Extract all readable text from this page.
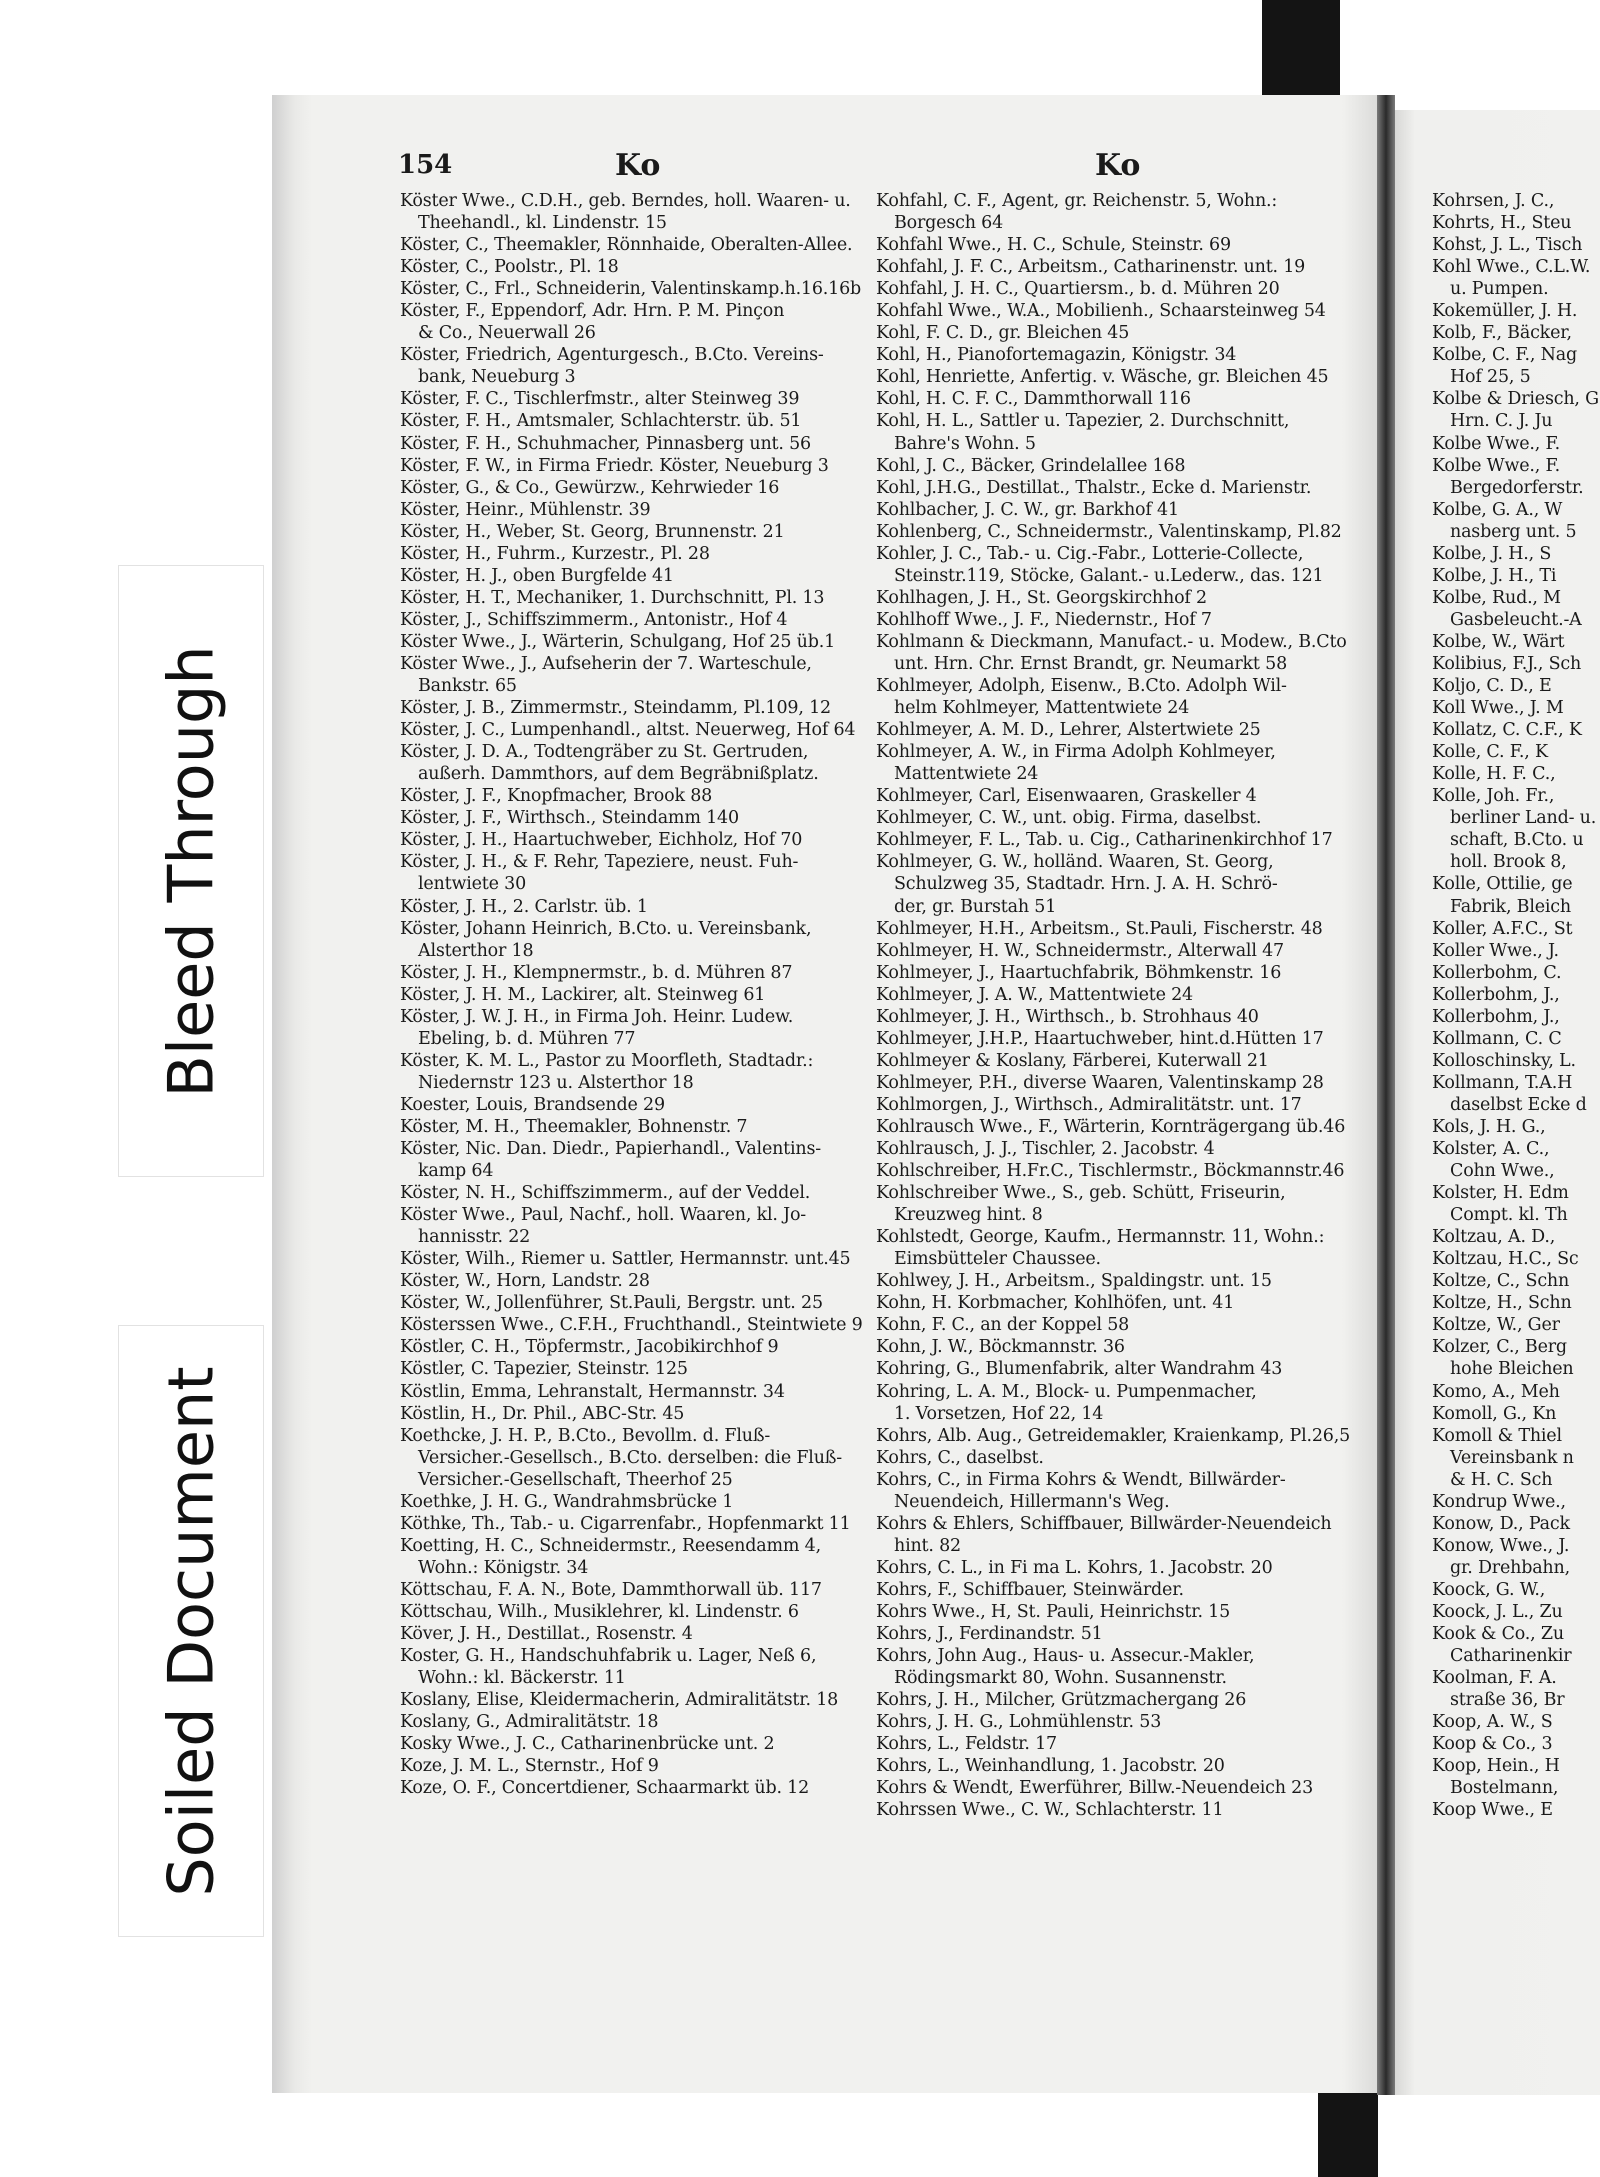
154	Ko	Ko
Köster Wwe., C.D.H., geb. Berndes, holl. Waaren- u.
Theehandl., kl. Lindenstr. 15
Köster, C., Theemakler, Rönnhaide, Oberalten-Allee.
Köster, C., Poolstr., Pl. 18
Köster, C., Frl., Schneiderin, Valentinskamp.h.16.16b
Köster, F., Eppendorf, Adr. Hrn. P. M. Pinçon
& Co., Neuerwall 26
Köster, Friedrich, Agenturgesch., B.Cto. Vereins-
bank, Neueburg 3
Köster, F. C., Tischlerfmstr., alter Steinweg 39
Köster, F. H., Amtsmaler, Schlachterstr. üb. 51
Köster, F. H., Schuhmacher, Pinnasberg unt. 56
Köster, F. W., in Firma Friedr. Köster, Neueburg 3
Köster, G., & Co., Gewürzw., Kehrwieder 16
Köster, Heinr., Mühlenstr. 39
Köster, H., Weber, St. Georg, Brunnenstr. 21
Köster, H., Fuhrm., Kurzestr., Pl. 28
Köster, H. J., oben Burgfelde 41
Köster, H. T., Mechaniker, 1. Durchschnitt, Pl. 13
Köster, J., Schiffszimmerm., Antonistr., Hof 4
Köster Wwe., J., Wärterin, Schulgang, Hof 25 üb.1
Köster Wwe., J., Aufseherin der 7. Warteschule,
Bankstr. 65
Köster, J. B., Zimmermstr., Steindamm, Pl.109, 12
Köster, J. C., Lumpenhandl., altst. Neuerweg, Hof 64
Köster, J. D. A., Todtengräber zu St. Gertruden,
außerh. Dammthors, auf dem Begräbnißplatz.
Köster, J. F., Knopfmacher, Brook 88
Köster, J. F., Wirthsch., Steindamm 140
Köster, J. H., Haartuchweber, Eichholz, Hof 70
Köster, J. H., & F. Rehr, Tapeziere, neust. Fuh-
lentwiete 30
Köster, J. H., 2. Carlstr. üb. 1
Köster, Johann Heinrich, B.Cto. u. Vereinsbank,
Alsterthor 18
Köster, J. H., Klempnermstr., b. d. Mühren 87
Köster, J. H. M., Lackirer, alt. Steinweg 61
Köster, J. W. J. H., in Firma Joh. Heinr. Ludew.
Ebeling, b. d. Mühren 77
Köster, K. M. L., Pastor zu Moorfleth, Stadtadr.:
Niedernstr 123 u. Alsterthor 18
Koester, Louis, Brandsende 29
Köster, M. H., Theemakler, Bohnenstr. 7
Köster, Nic. Dan. Diedr., Papierhandl., Valentins-
kamp 64
Köster, N. H., Schiffszimmerm., auf der Veddel.
Köster Wwe., Paul, Nachf., holl. Waaren, kl. Jo-
hannisstr. 22
Köster, Wilh., Riemer u. Sattler, Hermannstr. unt.45
Köster, W., Horn, Landstr. 28
Köster, W., Jollenführer, St.Pauli, Bergstr. unt. 25
Kösterssen Wwe., C.F.H., Fruchthandl., Steintwiete 9
Köstler, C. H., Töpfermstr., Jacobikirchhof 9
Köstler, C. Tapezier, Steinstr. 125
Köstlin, Emma, Lehranstalt, Hermannstr. 34
Köstlin, H., Dr. Phil., ABC-Str. 45
Koethcke, J. H. P., B.Cto., Bevollm. d. Fluß-
Versicher.-Gesellsch., B.Cto. derselben: die Fluß-
Versicher.-Gesellschaft, Theerhof 25
Koethke, J. H. G., Wandrahmsbrücke 1
Köthke, Th., Tab.- u. Cigarrenfabr., Hopfenmarkt 11
Koetting, H. C., Schneidermstr., Reesendamm 4,
Wohn.: Königstr. 34
Köttschau, F. A. N., Bote, Dammthorwall üb. 117
Köttschau, Wilh., Musiklehrer, kl. Lindenstr. 6
Köver, J. H., Destillat., Rosenstr. 4
Koster, G. H., Handschuhfabrik u. Lager, Neß 6,
Wohn.: kl. Bäckerstr. 11
Koslany, Elise, Kleidermacherin, Admiralitätstr. 18
Koslany, G., Admiralitätstr. 18
Kosky Wwe., J. C., Catharinenbrücke unt. 2
Koze, J. M. L., Sternstr., Hof 9
Koze, O. F., Concertdiener, Schaarmarkt üb. 12
Kohfahl, C. F., Agent, gr. Reichenstr. 5, Wohn.:
Borgesch 64
Kohfahl Wwe., H. C., Schule, Steinstr. 69
Kohfahl, J. F. C., Arbeitsm., Catharinenstr. unt. 19
Kohfahl, J. H. C., Quartiersm., b. d. Mühren 20
Kohfahl Wwe., W.A., Mobilienh., Schaarsteinweg 54
Kohl, F. C. D., gr. Bleichen 45
Kohl, H., Pianofortemagazin, Königstr. 34
Kohl, Henriette, Anfertig. v. Wäsche, gr. Bleichen 45
Kohl, H. C. F. C., Dammthorwall 116
Kohl, H. L., Sattler u. Tapezier, 2. Durchschnitt,
Bahre's Wohn. 5
Kohl, J. C., Bäcker, Grindelallee 168
Kohl, J.H.G., Destillat., Thalstr., Ecke d. Marienstr.
Kohlbacher, J. C. W., gr. Barkhof 41
Kohlenberg, C., Schneidermstr., Valentinskamp, Pl.82
Kohler, J. C., Tab.- u. Cig.-Fabr., Lotterie-Collecte,
Steinstr.119, Stöcke, Galant.- u.Lederw., das. 121
Kohlhagen, J. H., St. Georgskirchhof 2
Kohlhoff Wwe., J. F., Niedernstr., Hof 7
Kohlmann & Dieckmann, Manufact.- u. Modew., B.Cto
unt. Hrn. Chr. Ernst Brandt, gr. Neumarkt 58
Kohlmeyer, Adolph, Eisenw., B.Cto. Adolph Wil-
helm Kohlmeyer, Mattentwiete 24
Kohlmeyer, A. M. D., Lehrer, Alstertwiete 25
Kohlmeyer, A. W., in Firma Adolph Kohlmeyer,
Mattentwiete 24
Kohlmeyer, Carl, Eisenwaaren, Graskeller 4
Kohlmeyer, C. W., unt. obig. Firma, daselbst.
Kohlmeyer, F. L., Tab. u. Cig., Catharinenkirchhof 17
Kohlmeyer, G. W., holländ. Waaren, St. Georg,
Schulzweg 35, Stadtadr. Hrn. J. A. H. Schrö-
der, gr. Burstah 51
Kohlmeyer, H.H., Arbeitsm., St.Pauli, Fischerstr. 48
Kohlmeyer, H. W., Schneidermstr., Alterwall 47
Kohlmeyer, J., Haartuchfabrik, Böhmkenstr. 16
Kohlmeyer, J. A. W., Mattentwiete 24
Kohlmeyer, J. H., Wirthsch., b. Strohhaus 40
Kohlmeyer, J.H.P., Haartuchweber, hint.d.Hütten 17
Kohlmeyer & Koslany, Färberei, Kuterwall 21
Kohlmeyer, P.H., diverse Waaren, Valentinskamp 28
Kohlmorgen, J., Wirthsch., Admiralitätstr. unt. 17
Kohlrausch Wwe., F., Wärterin, Kornträgergang üb.46
Kohlrausch, J. J., Tischler, 2. Jacobstr. 4
Kohlschreiber, H.Fr.C., Tischlermstr., Böckmannstr.46
Kohlschreiber Wwe., S., geb. Schütt, Friseurin,
Kreuzweg hint. 8
Kohlstedt, George, Kaufm., Hermannstr. 11, Wohn.:
Eimsbütteler Chaussee.
Kohlwey, J. H., Arbeitsm., Spaldingstr. unt. 15
Kohn, H. Korbmacher, Kohlhöfen, unt. 41
Kohn, F. C., an der Koppel 58
Kohn, J. W., Böckmannstr. 36
Kohring, G., Blumenfabrik, alter Wandrahm 43
Kohring, L. A. M., Block- u. Pumpenmacher,
1. Vorsetzen, Hof 22, 14
Kohrs, Alb. Aug., Getreidemakler, Kraienkamp, Pl.26,5
Kohrs, C., daselbst.
Kohrs, C., in Firma Kohrs & Wendt, Billwärder-
Neuendeich, Hillermann's Weg.
Kohrs & Ehlers, Schiffbauer, Billwärder-Neuendeich
hint. 82
Kohrs, C. L., in Fi ma L. Kohrs, 1. Jacobstr. 20
Kohrs, F., Schiffbauer, Steinwärder.
Kohrs Wwe., H, St. Pauli, Heinrichstr. 15
Kohrs, J., Ferdinandstr. 51
Kohrs, John Aug., Haus- u. Assecur.-Makler,
Rödingsmarkt 80, Wohn. Susannenstr.
Kohrs, J. H., Milcher, Grützmachergang 26
Kohrs, J. H. G., Lohmühlenstr. 53
Kohrs, L., Feldstr. 17
Kohrs, L., Weinhandlung, 1. Jacobstr. 20
Kohrs & Wendt, Ewerführer, Billw.-Neuendeich 23
Kohrssen Wwe., C. W., Schlachterstr. 11
Kohrsen, J. C.,
Kohrts, H., Steu
Kohst, J. L., Tisch
Kohl Wwe., C.L.W.
u. Pumpen.
Kokemüller, J. H.
Kolb, F., Bäcker,
Kolbe, C. F., Nag
Hof 25, 5
Kolbe & Driesch, G
Hrn. C. J. Ju
Kolbe Wwe., F.
Kolbe Wwe., F.
Bergedorferstr.
Kolbe, G. A., W
nasberg unt. 5
Kolbe, J. H., S
Kolbe, J. H., Ti
Kolbe, Rud., M
Gasbeleucht.-A
Kolbe, W., Wärt
Kolibius, F.J., Sch
Koljo, C. D., E
Koll Wwe., J. M
Kollatz, C. C.F., K
Kolle, C. F., K
Kolle, H. F. C.,
Kolle, Joh. Fr.,
berliner Land- u.
schaft, B.Cto. u
holl. Brook 8,
Kolle, Ottilie, ge
Fabrik, Bleich
Koller, A.F.C., St
Koller Wwe., J.
Kollerbohm, C.
Kollerbohm, J.,
Kollerbohm, J.,
Kollmann, C. C
Kolloschinsky, L.
Kollmann, T.A.H
daselbst Ecke d
Kols, J. H. G.,
Kolster, A. C.,
Cohn Wwe.,
Kolster, H. Edm
Compt. kl. Th
Koltzau, A. D.,
Koltzau, H.C., Sc
Koltze, C., Schn
Koltze, H., Schn
Koltze, W., Ger
Kolzer, C., Berg
hohe Bleichen
Komo, A., Meh
Komoll, G., Kn
Komoll & Thiel
Vereinsbank n
& H. C. Sch
Kondrup Wwe.,
Konow, D., Pack
Konow, Wwe., J.
gr. Drehbahn,
Koock, G. W.,
Koock, J. L., Zu
Kook & Co., Zu
Catharinenkir
Koolman, F. A.
straße 36, Br
Koop, A. W., S
Koop & Co., 3
Koop, Hein., H
Bostelmann,
Koop Wwe., E
Bleed Through
Soiled Document
